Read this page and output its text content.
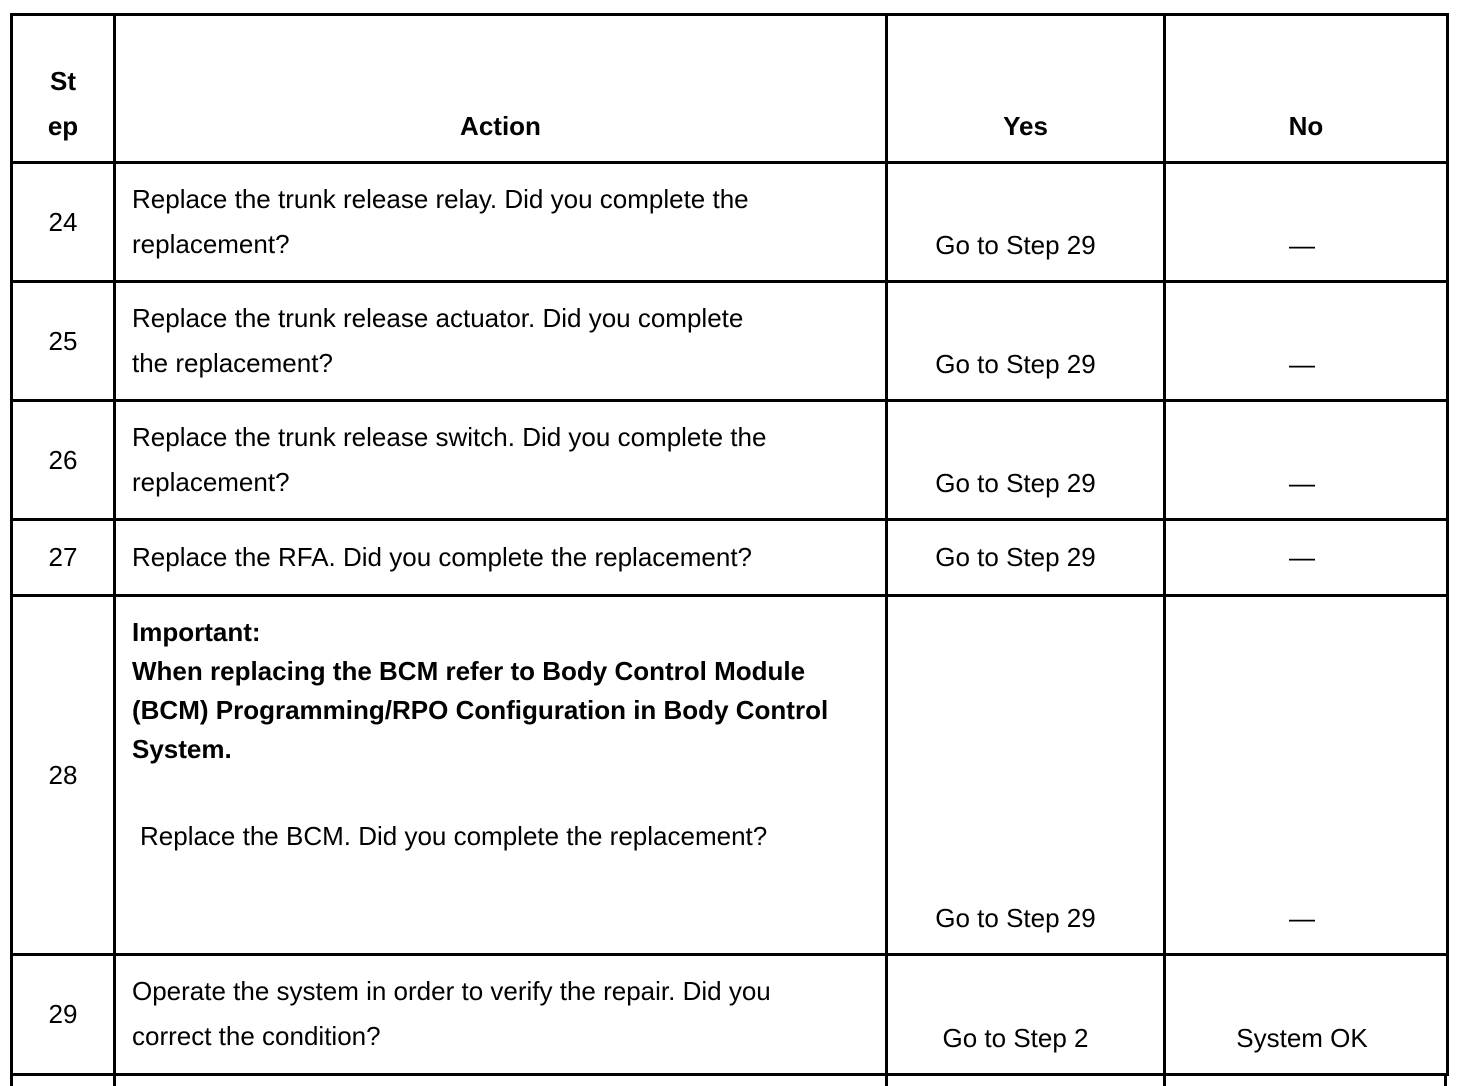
St
ep	Action	Yes	No
24	Replace the trunk release relay. Did you complete the
replacement?	Go to Step 29	—
25	Replace the trunk release actuator. Did you complete
the replacement?	Go to Step 29	—
26	Replace the trunk release switch. Did you complete the
replacement?	Go to Step 29	—
27	Replace the RFA. Did you complete the replacement?	Go to Step 29	—
28	Important:
When replacing the BCM refer to Body Control Module (BCM) Programming/RPO Configuration in Body Control System.
Replace the BCM. Did you complete the replacement?	Go to Step 29	—
29	Operate the system in order to verify the repair. Did you
correct the condition?	Go to Step 2	System OK
